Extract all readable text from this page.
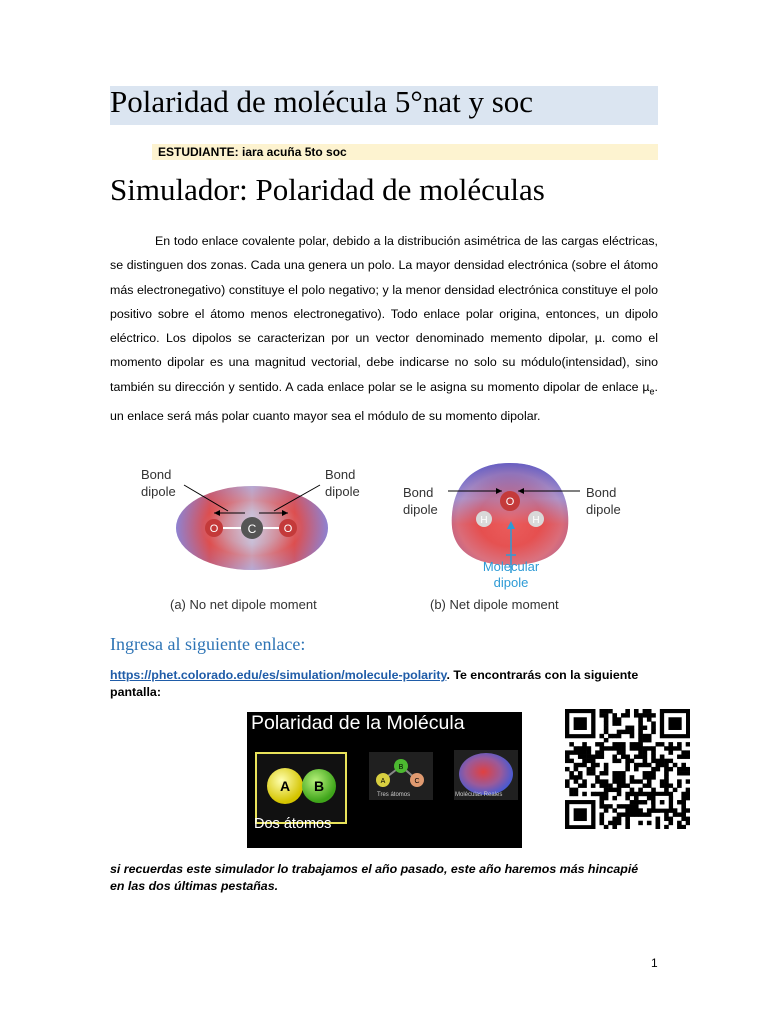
Polaridad de molécula 5°nat y soc
ESTUDIANTE: iara acuña 5to soc
Simulador: Polaridad de moléculas

En todo enlace covalente polar, debido a la distribución asimétrica de las cargas eléctricas, se distinguen dos zonas. Cada una genera un polo. La mayor densidad electrónica (sobre el átomo más electronegativo) constituye el polo negativo; y la menor densidad electrónica constituye el polo positivo sobre el átomo menos electronegativo). Todo enlace polar origina, entonces, un dipolo eléctrico. Los dipolos se caracterizan por un vector denominado memento dipolar, µ. como el momento dipolar es una magnitud vectorial, debe indicarse no solo su módulo(intensidad), sino también su dirección y sentido. A cada enlace polar se le asigna su momento dipolar de enlace µ$_e$. un enlace será más polar cuanto mayor sea el módulo de su momento dipolar.

O C O
Bond
dipole
Bond
dipole
(a) No net dipole moment
O
H	H
Bond
dipole
Bond
dipole
Molecular
dipole
(b) Net dipole moment
Ingresa al siguiente enlace:

https://phet.colorado.edu/es/simulation/molecule-polarity. Te encontrarás con la siguiente pantalla:

Polaridad de la Molécula
A B
Dos átomos
A
B
C
Tres átomos	Moléculas Reales

si recuerdas este simulador lo trabajamos el año pasado, este año haremos más hincapié en las dos últimas pestañas.

1
